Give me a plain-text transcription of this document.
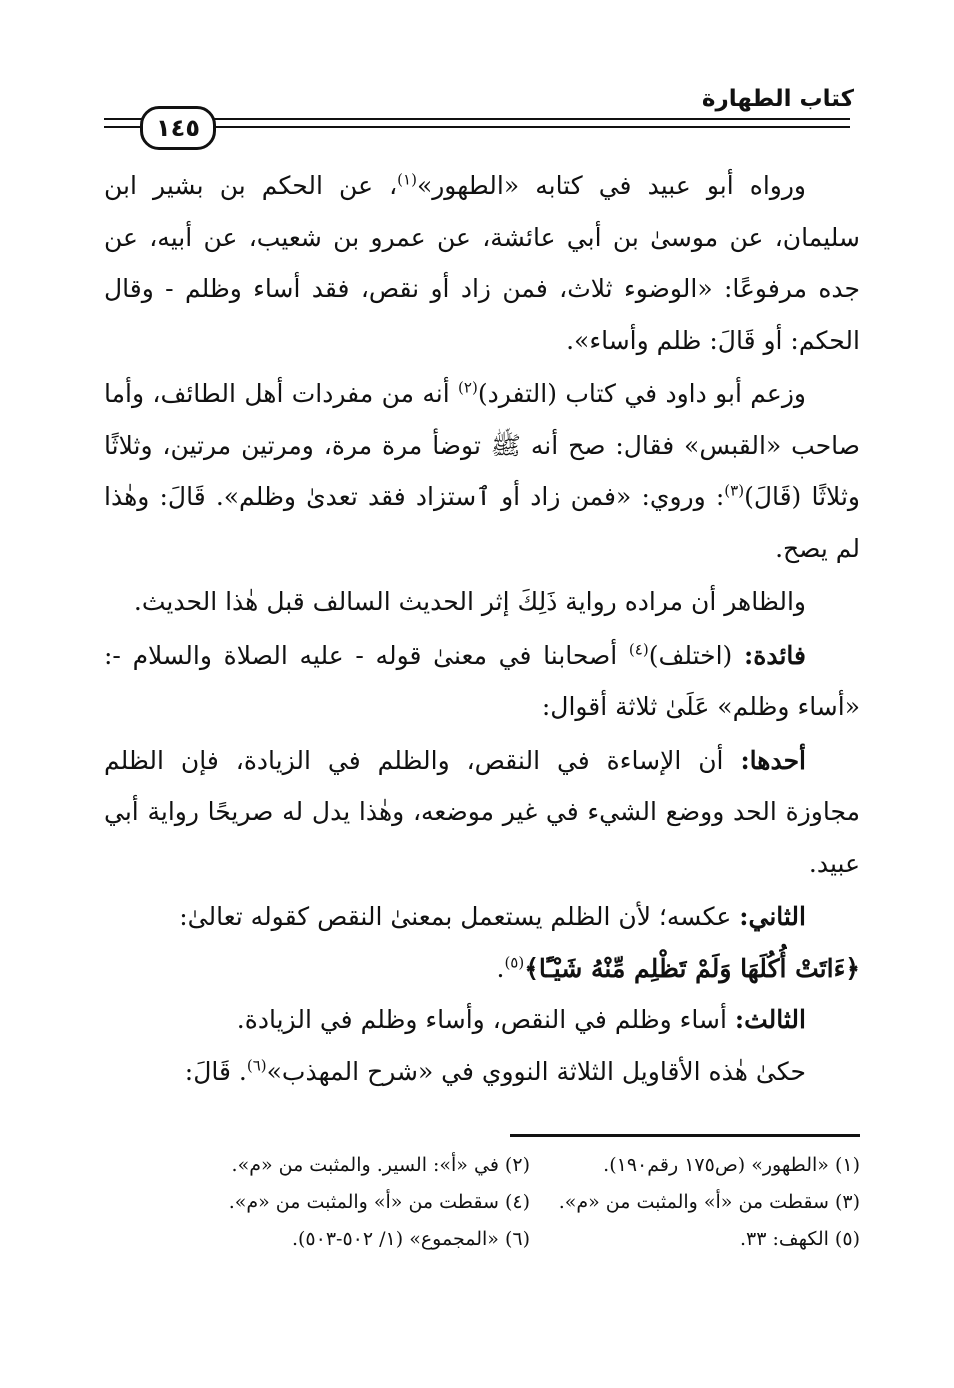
كتاب الطهارة
١٤٥

ورواه أبو عبيد في كتابه «الطهور»$^{(١)}$، عن الحكم بن بشير ابن سليمان، عن موسىٰ بن أبي عائشة، عن عمرو بن شعيب، عن أبيه، عن جده مرفوعًا: «الوضوء ثلاث، فمن زاد أو نقص، فقد أساء وظلم - وقال الحكم: أو قَالَ: ظلم وأساء».

وزعم أبو داود في كتاب (التفرد)$^{(٢)}$ أنه من مفردات أهل الطائف، وأما صاحب «القبس» فقال: صح أنه ﷺ توضأ مرة مرة، ومرتين مرتين، وثلاثًا وثلاثًا (قَالَ)$^{(٣)}$: وروي: «فمن زاد أو ٱستزاد فقد تعدىٰ وظلم». قَالَ: وهٰذا لم يصح.

والظاهر أن مراده رواية ذَلِكَ إثر الحديث السالف قبل هٰذا الحديث.

فائدة: (اختلف)$^{(٤)}$ أصحابنا في معنىٰ قوله - عليه الصلاة والسلام -: «أساء وظلم» عَلَىٰ ثلاثة أقوال:

أحدها: أن الإساءة في النقص، والظلم في الزيادة، فإن الظلم مجاوزة الحد ووضع الشيء في غير موضعه، وهٰذا يدل له صريحًا رواية أبي عبيد.

الثاني: عكسه؛ لأن الظلم يستعمل بمعنىٰ النقص كقوله تعالىٰ:
﴿ءَاتَتْ أُكُلَهَا وَلَمْ تَظْلِم مِّنْهُ شَيْـًٔا﴾$^{(٥)}$.

الثالث: أساء وظلم في النقص، وأساء وظلم في الزيادة.

حكىٰ هٰذه الأقاويل الثلاثة النووي في «شرح المهذب»$^{(٦)}$. قَالَ:

(١) «الطهور» (ص١٧٥ رقم١٩٠).
(٢) في «أ»: السير. والمثبت من «م».
(٣) سقطت من «أ» والمثبت من «م».
(٤) سقطت من «أ» والمثبت من «م».
(٥) الكهف: ٣٣.
(٦) «المجموع» (١/ ٥٠٢-٥٠٣).
